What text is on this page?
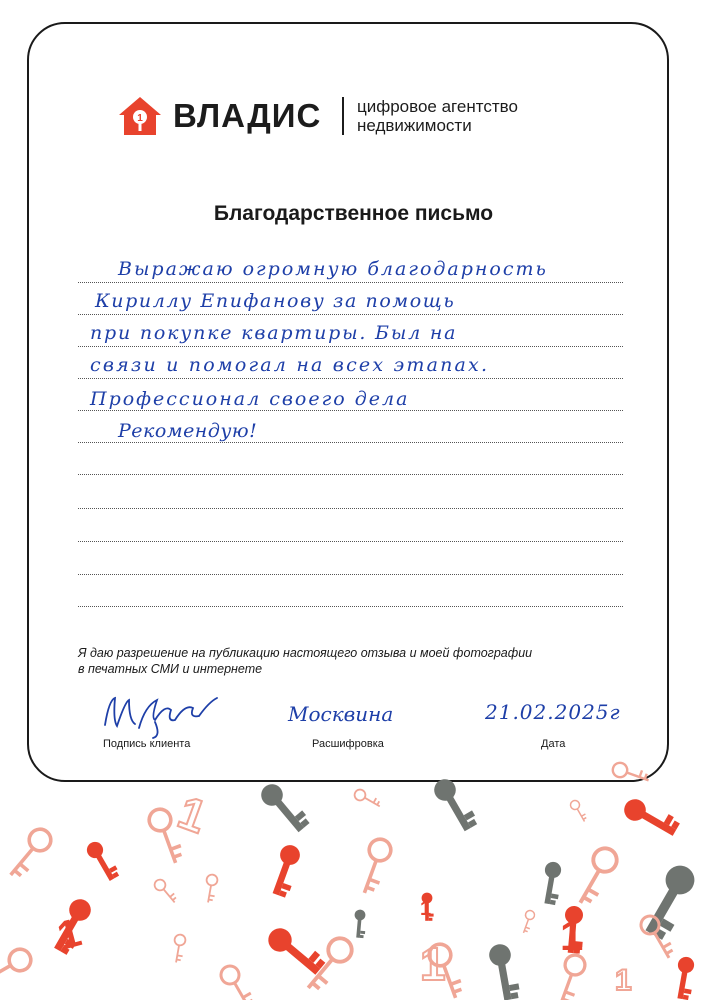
1 ВЛАДИС цифровое агентство
недвижимости
Благодарственное письмо
Выражаю огромную благодарность
Кириллу Епифанову за помощь
при покупке квартиры. Был на
связи и помогал на всех этапах.
Профессионал своего дела
Рекомендую!
Я даю разрешение на публикацию настоящего отзыва и моей фотографии
в печатных СМИ и интернете
Москвина	21.02.2025г
Подпись клиента	Расшифровка	Дата
1
1	1
1
1	1
